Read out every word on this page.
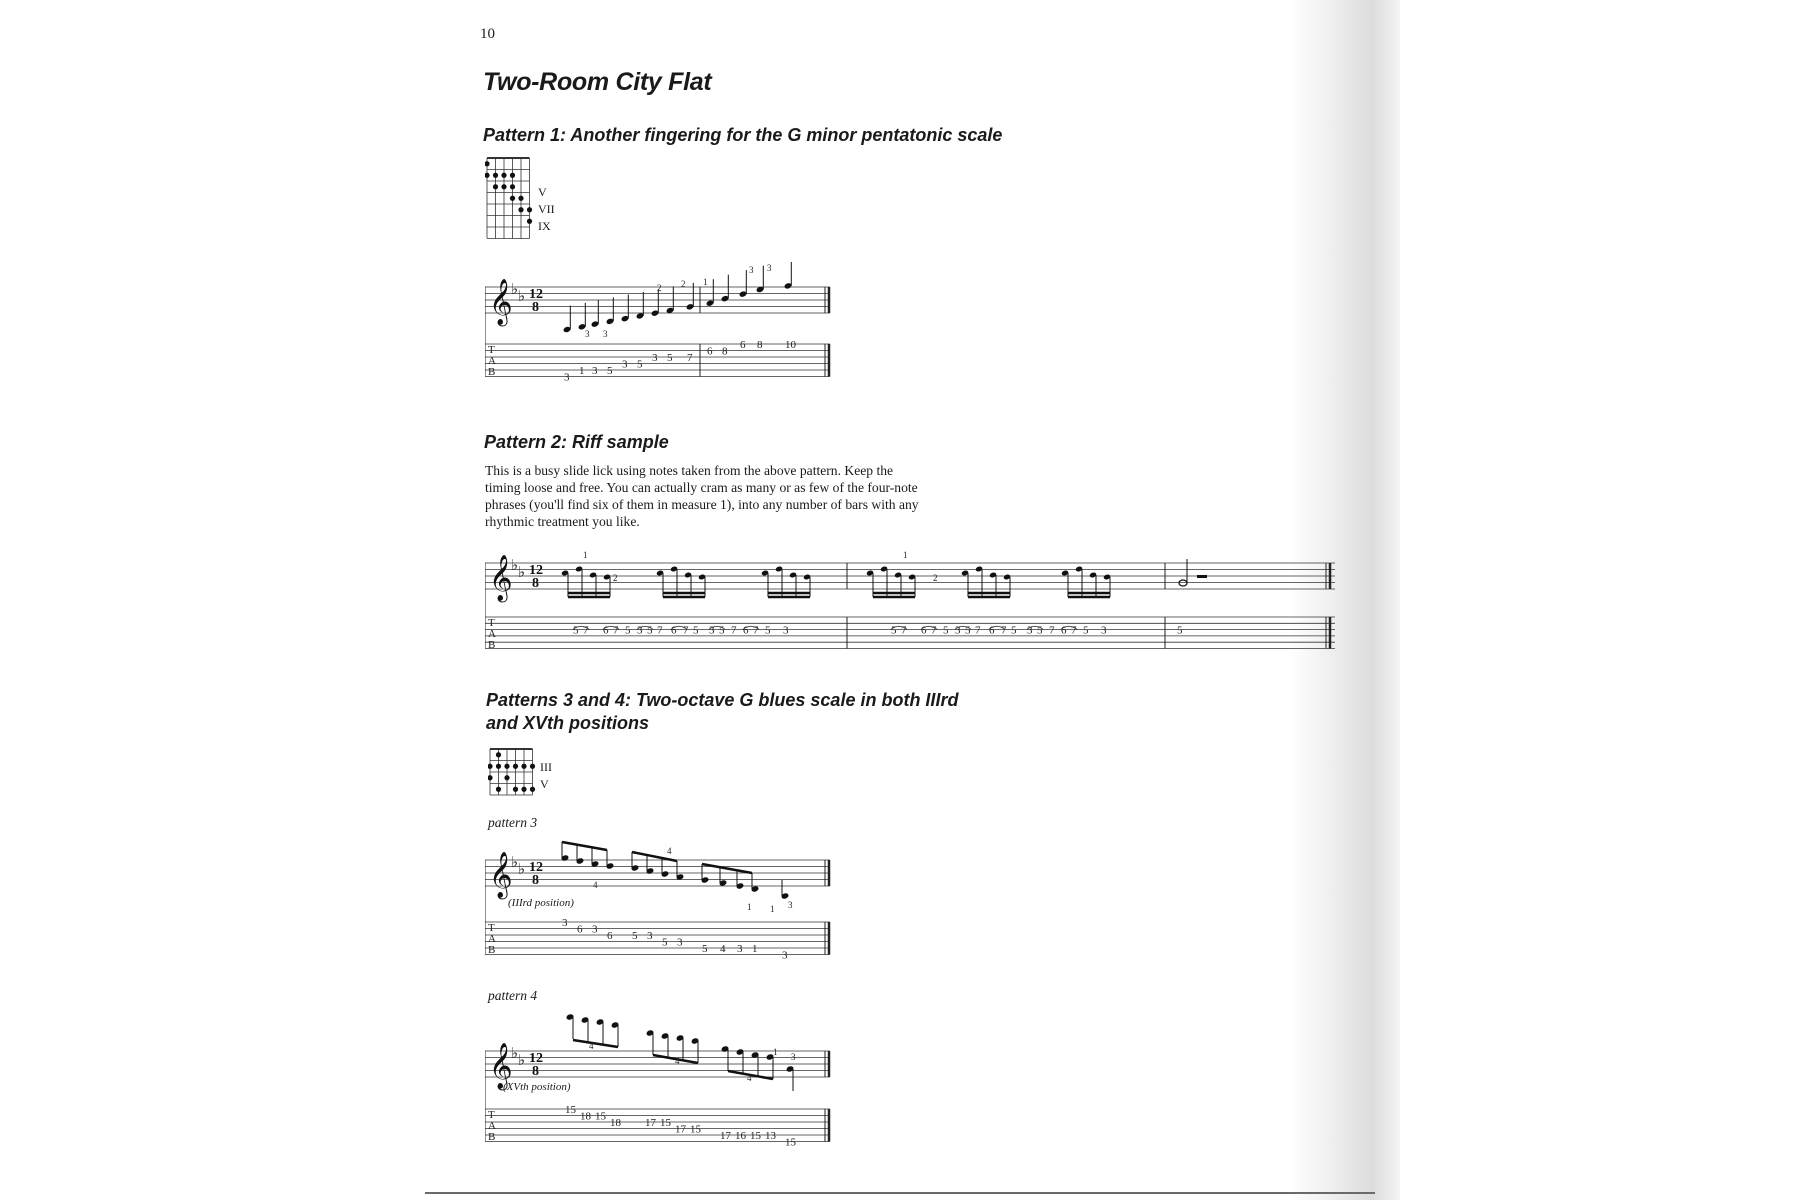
10
Two-Room City Flat
Pattern 1: Another fingering for the G minor pentatonic scale
V
VII
IX
𝄞
♭ ♭ 12
8
T
A
B	3
1 3 5
3 5
3 5 7
6 8
6 8 10
3 3
2 2 1
3 3
Pattern 2: Riff sample

This is a busy slide lick using notes taken from the above pattern. Keep the

timing loose and free. You can actually cram as many or as few of the four-note

phrases (you'll find six of them in measure 1), into any number of bars with any

rhythmic treatment you like.

𝄞
♭ ♭ 12
8
T
A
B
5 7 6 7 5 3 5 7 6 7 5 3 5 7 6 7 5 3	5 7 6 7 5 3 5 7 6 7 5 3 5 7 6 7 5 3	5
1
2
1
2
Patterns 3 and 4: Two-octave G blues scale in both IIIrd
and XVth positions
III
V
pattern 3
𝄞
♭ ♭ 12
8
T
A
B
3
6 3
6 5 3
5 3
5 4 3 1
3
4
4
1 1 3
(IIIrd position)
pattern 4
𝄞
♭ ♭ 12
8
T
A
B
15
18 15
18 17 15
17 15
17 16 15 13
15
4
4
4
1 3
(XVth position)
